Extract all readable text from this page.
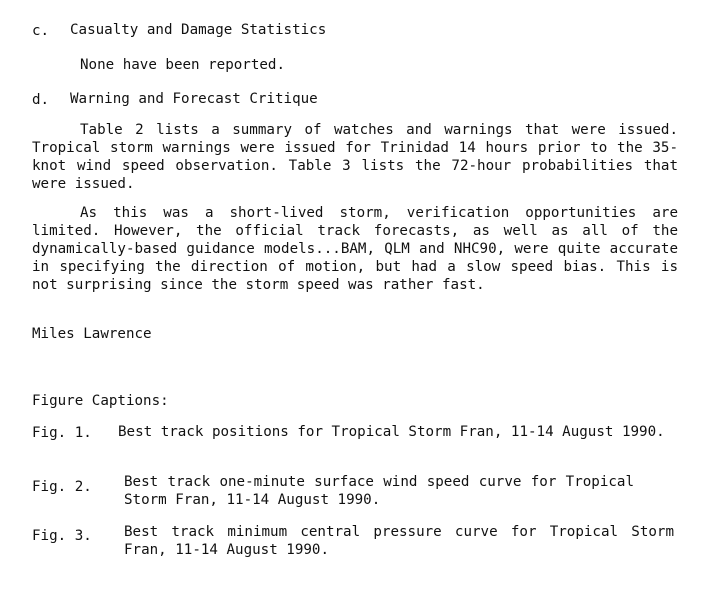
c. Casualty and Damage Statistics
None have been reported.
d. Warning and Forecast Critique

Table 2 lists a summary of watches and warnings that were issued. Tropical storm warnings were issued for Trinidad 14 hours prior to the 35-knot wind speed observation. Table 3 lists the 72-hour probabilities that were issued.

As this was a short-lived storm, verification opportunities are limited. However, the official track forecasts, as well as all of the dynamically-based guidance models...BAM, QLM and NHC90, were quite accurate in specifying the direction of motion, but had a slow speed bias. This is not surprising since the storm speed was rather fast.

Miles Lawrence
Figure Captions:
Fig. 1. Best track positions for Tropical Storm Fran, 11-14 August 1990.

Fig. 2. Best track one-minute surface wind speed curve for Tropical Storm Fran, 11-14 August 1990.

Fig. 3. Best track minimum central pressure curve for Tropical Storm Fran, 11-14 August 1990.
